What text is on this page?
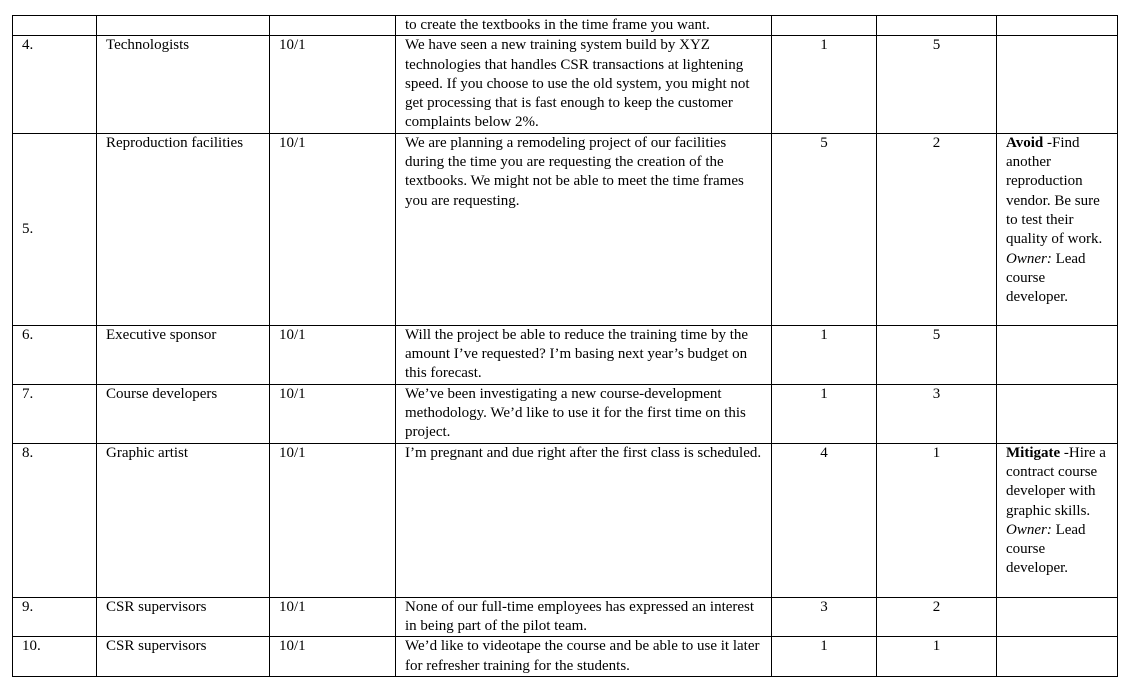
			to create the textbooks in the time frame you want.			
4.	Technologists	10/1	We have seen a new training system build by XYZ technologies that handles CSR transactions at lightening speed. If you choose to use the old system, you might not get processing that is fast enough to keep the customer complaints below 2%.	1	5	
5.	Reproduction facilities	10/1	We are planning a remodeling project of our facilities during the time you are requesting the creation of the textbooks. We might not be able to meet the time frames you are requesting.	5	2	Avoid -Find another reproduction vendor. Be sure to test their quality of work.
Owner: Lead course developer.
6.	Executive sponsor	10/1	Will the project be able to reduce the training time by the amount I’ve requested? I’m basing next year’s budget on this forecast.	1	5	
7.	Course developers	10/1	We’ve been investigating a new course-development methodology. We’d like to use it for the first time on this project.	1	3	
8.	Graphic artist	10/1	I’m pregnant and due right after the first class is scheduled.	4	1	Mitigate -Hire a contract course developer with graphic skills.
Owner: Lead course developer.
9.	CSR supervisors	10/1	None of our full-time employees has expressed an interest in being part of the pilot team.	3	2	
10.	CSR supervisors	10/1	We’d like to videotape the course and be able to use it later for refresher training for the students.	1	1	
